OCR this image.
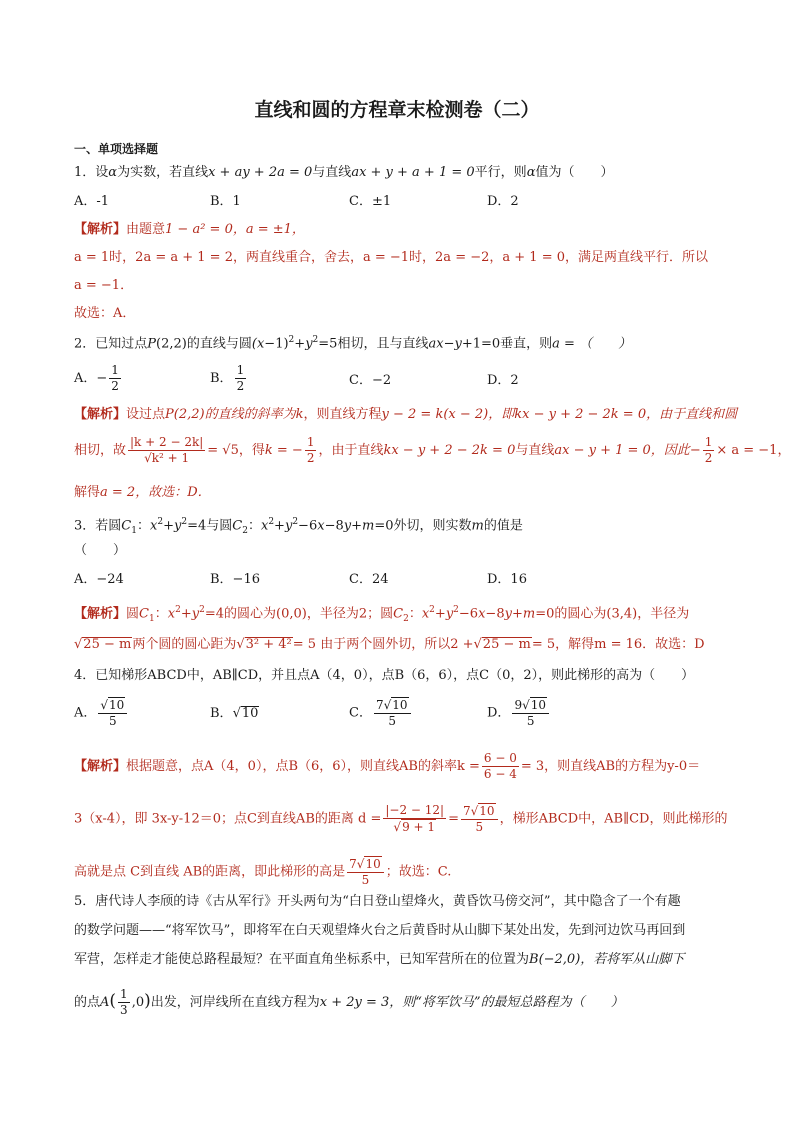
直线和圆的方程章末检测卷（二）
一、单项选择题
1．设α为实数，若直线x + ay + 2a = 0与直线ax + y + a + 1 = 0平行，则α值为（　　）
A．-1	B．1	C．±1	D．2
【解析】由题意1 − a² = 0，a = ±1，
a = 1时，2a = a + 1 = 2，两直线重合，舍去，a = −1时，2a = −2，a + 1 = 0，满足两直线平行．所以
a = −1．
故选：A．
2．已知过点P(2,2)的直线与圆$(x-1)^2+y^2=5$相切，且与直线ax−y+1=0垂直，则a = （　　）
A．− $\frac{1}{2}$	B． $\frac{1}{2}$	C．−2	D．2
【解析】设过点P(2,2)的直线的斜率为k，则直线方程y − 2 = k(x − 2)，即kx − y + 2 − 2k = 0，由于直线和圆
相切，故 $\frac{|k + 2 - 2k|}{\text{√k² + 1}} = √5$，得k = − $\frac{1}{2}$ ，由于直线kx − y + 2 − 2k = 0与直线ax − y + 1 = 0，因此− $\frac{1}{2} \times a = -1$，
解得a = 2，故选：D．
3．若圆$C_1$：$x^2+y^2=4$与圆$C_2$：$x^2+y^2-6x-8y+m=0$外切，则实数m的值是
（　　）
A．−24	B．−16	C．24	D．16
【解析】圆$C_1$：$x^2+y^2=4$的圆心为(0,0)，半径为2；圆$C_2$：$x^2+y^2-6x-8y+m=0$的圆心为(3,4)，半径为
√25 − m两个圆的圆心距为√3² + 4²= 5 由于两个圆外切，所以2 +√25 − m= 5，解得m = 16．故选：D
4．已知梯形ABCD中，AB∥CD，并且点A（4，0），点B（6，6），点C（0，2），则此梯形的高为（　　）
A． $\frac{√10}{5}$	B．√10	C． $\frac{7√10}{5}$	D． $\frac{9√10}{5}$
【解析】根据题意，点A（4，0），点B（6，6），则直线AB的斜率$k = \frac{6 - 0}{6 - 4} = 3$，则直线AB的方程为y-0＝
3（x-4），即 3x-y-12＝0；点C到直线AB的距离 $d = \frac{|-2 - 12|}{√9 + 1} = \frac{7√10}{5}$ ，梯形ABCD中，AB∥CD，则此梯形的
高就是点 C到直线 AB的距离，即此梯形的高是 $\frac{7√10}{5}$ ；故选：C.
5．唐代诗人李颀的诗《古从军行》开头两句为“白日登山望烽火，黄昏饮马傍交河”，其中隐含了一个有趣
的数学问题——“将军饮马”，即将军在白天观望烽火台之后黄昏时从山脚下某处出发，先到河边饮马再回到
军营，怎样走才能使总路程最短？在平面直角坐标系中，已知军营所在的位置为B(−2,0)，若将军从山脚下
的点$A( \frac{1}{3} ,0)$出发，河岸线所在直线方程为x + 2y = 3，则“将军饮马”的最短总路程为（　　）
